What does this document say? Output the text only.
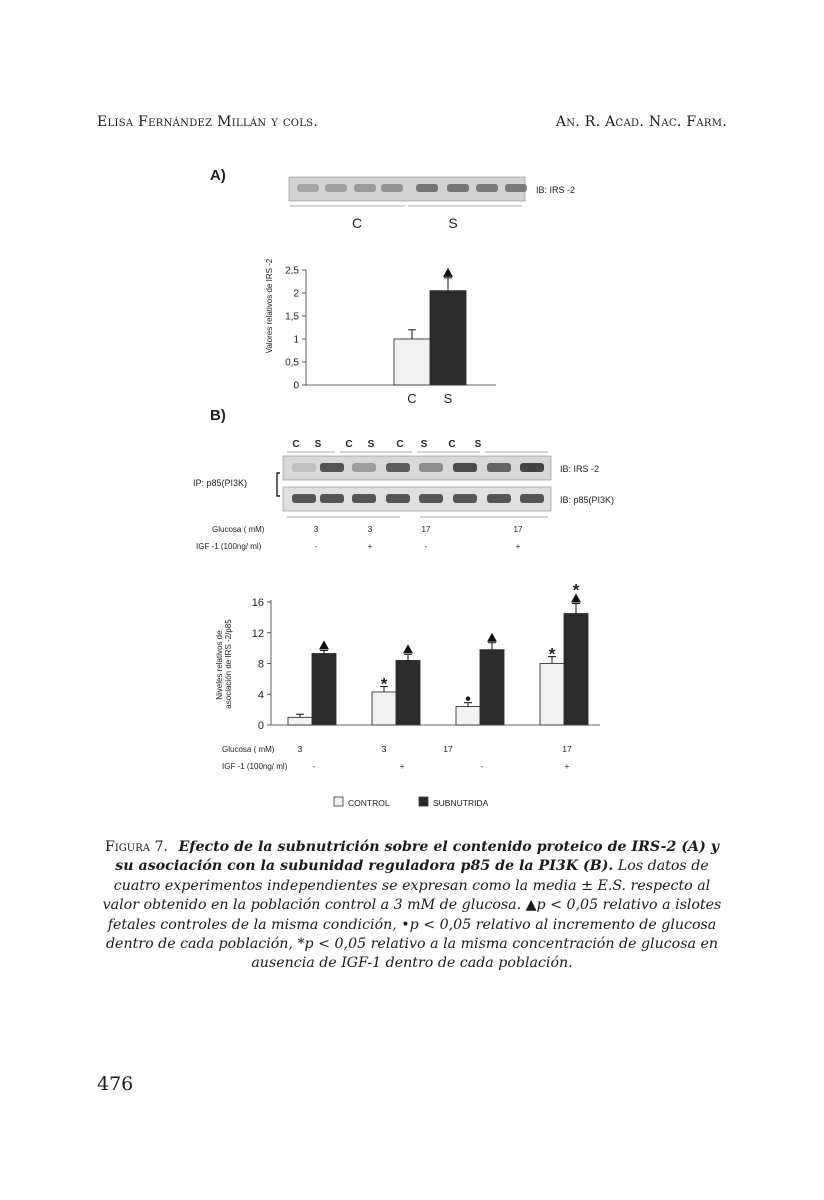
Elisa Fernández Millán y cols.	An. R. Acad. Nac. Farm.
A)
IB: IRS -2
C	S
Valores relativos de IRS -2
0
0,5
1
1,5
2
2,5
C S
B)
C S C S C S C S
IB: IRS -2
IB: p85(PI3K)
IP: p85(PI3K)
Glucosa ( mM)
IGF -1 (100ng/ ml)
3	3	17	17
-	+	-	+
Niveles relativos de asociación de IRS -2/p85
0
4
8
12
16
*
*
*
Glucosa ( mM)
IGF -1 (100ng/ ml)
3	3	17	17
-	+	-	+
CONTROL	SUBNUTRIDA
Figura 7. Efecto de la subnutrición sobre el contenido proteico de IRS-2 (A) y su asociación con la subunidad reguladora p85 de la PI3K (B). Los datos de cuatro experimentos independientes se expresan como la media ± E.S. respecto al valor obtenido en la población control a 3 mM de glucosa. ▲p < 0,05 relativo a islotes fetales controles de la misma condición, •p < 0,05 relativo al incremento de glucosa dentro de cada población, *p < 0,05 relativo a la misma concentración de glucosa en ausencia de IGF-1 dentro de cada población.
476
